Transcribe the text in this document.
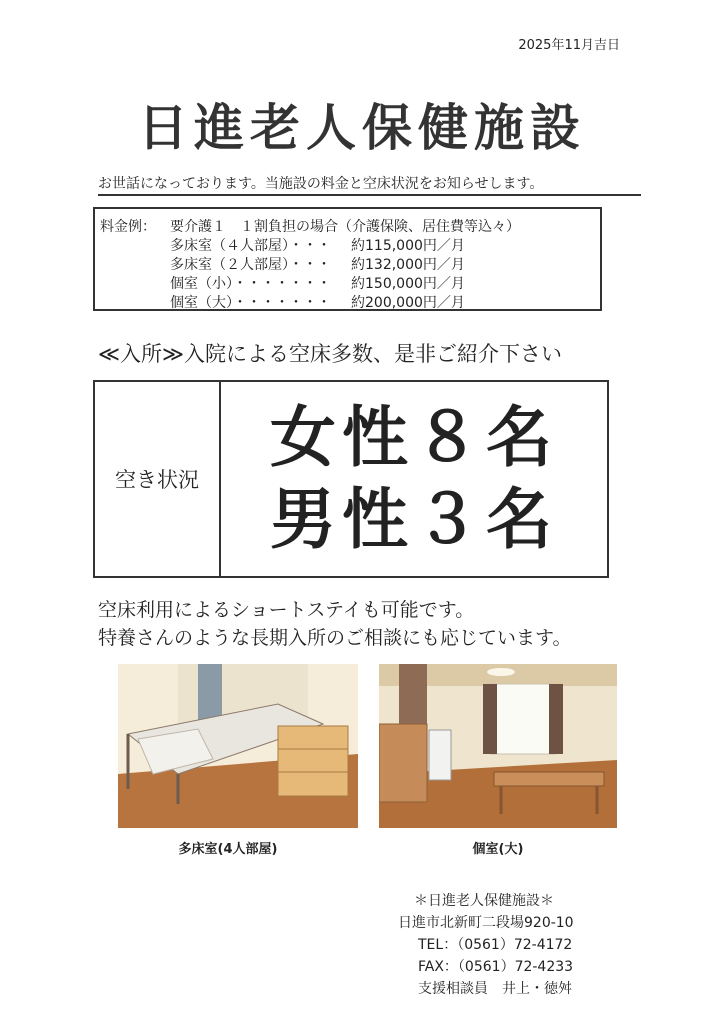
2025年11月吉日
日進老人保健施設
お世話になっております。当施設の料金と空床状況をお知らせします。
料金例： 要介護１　１割負担の場合（介護保険、居住費等込々）
多床室（４人部屋）・・・ 約115,000円／月
多床室（２人部屋）・・・ 約132,000円／月
個室（小）・・・・・・・ 約150,000円／月
個室（大）・・・・・・・ 約200,000円／月
≪入所≫入院による空床多数、是非ご紹介下さい
空き状況
女性８名
男性３名
空床利用によるショートステイも可能です。
特養さんのような長期入所のご相談にも応じています。
多床室(4人部屋)	個室(大)
＊日進老人保健施設＊
日進市北新町二段場920-10
TEL：（0561）72-4172
FAX：（0561）72-4233
支援相談員　井上・徳舛
